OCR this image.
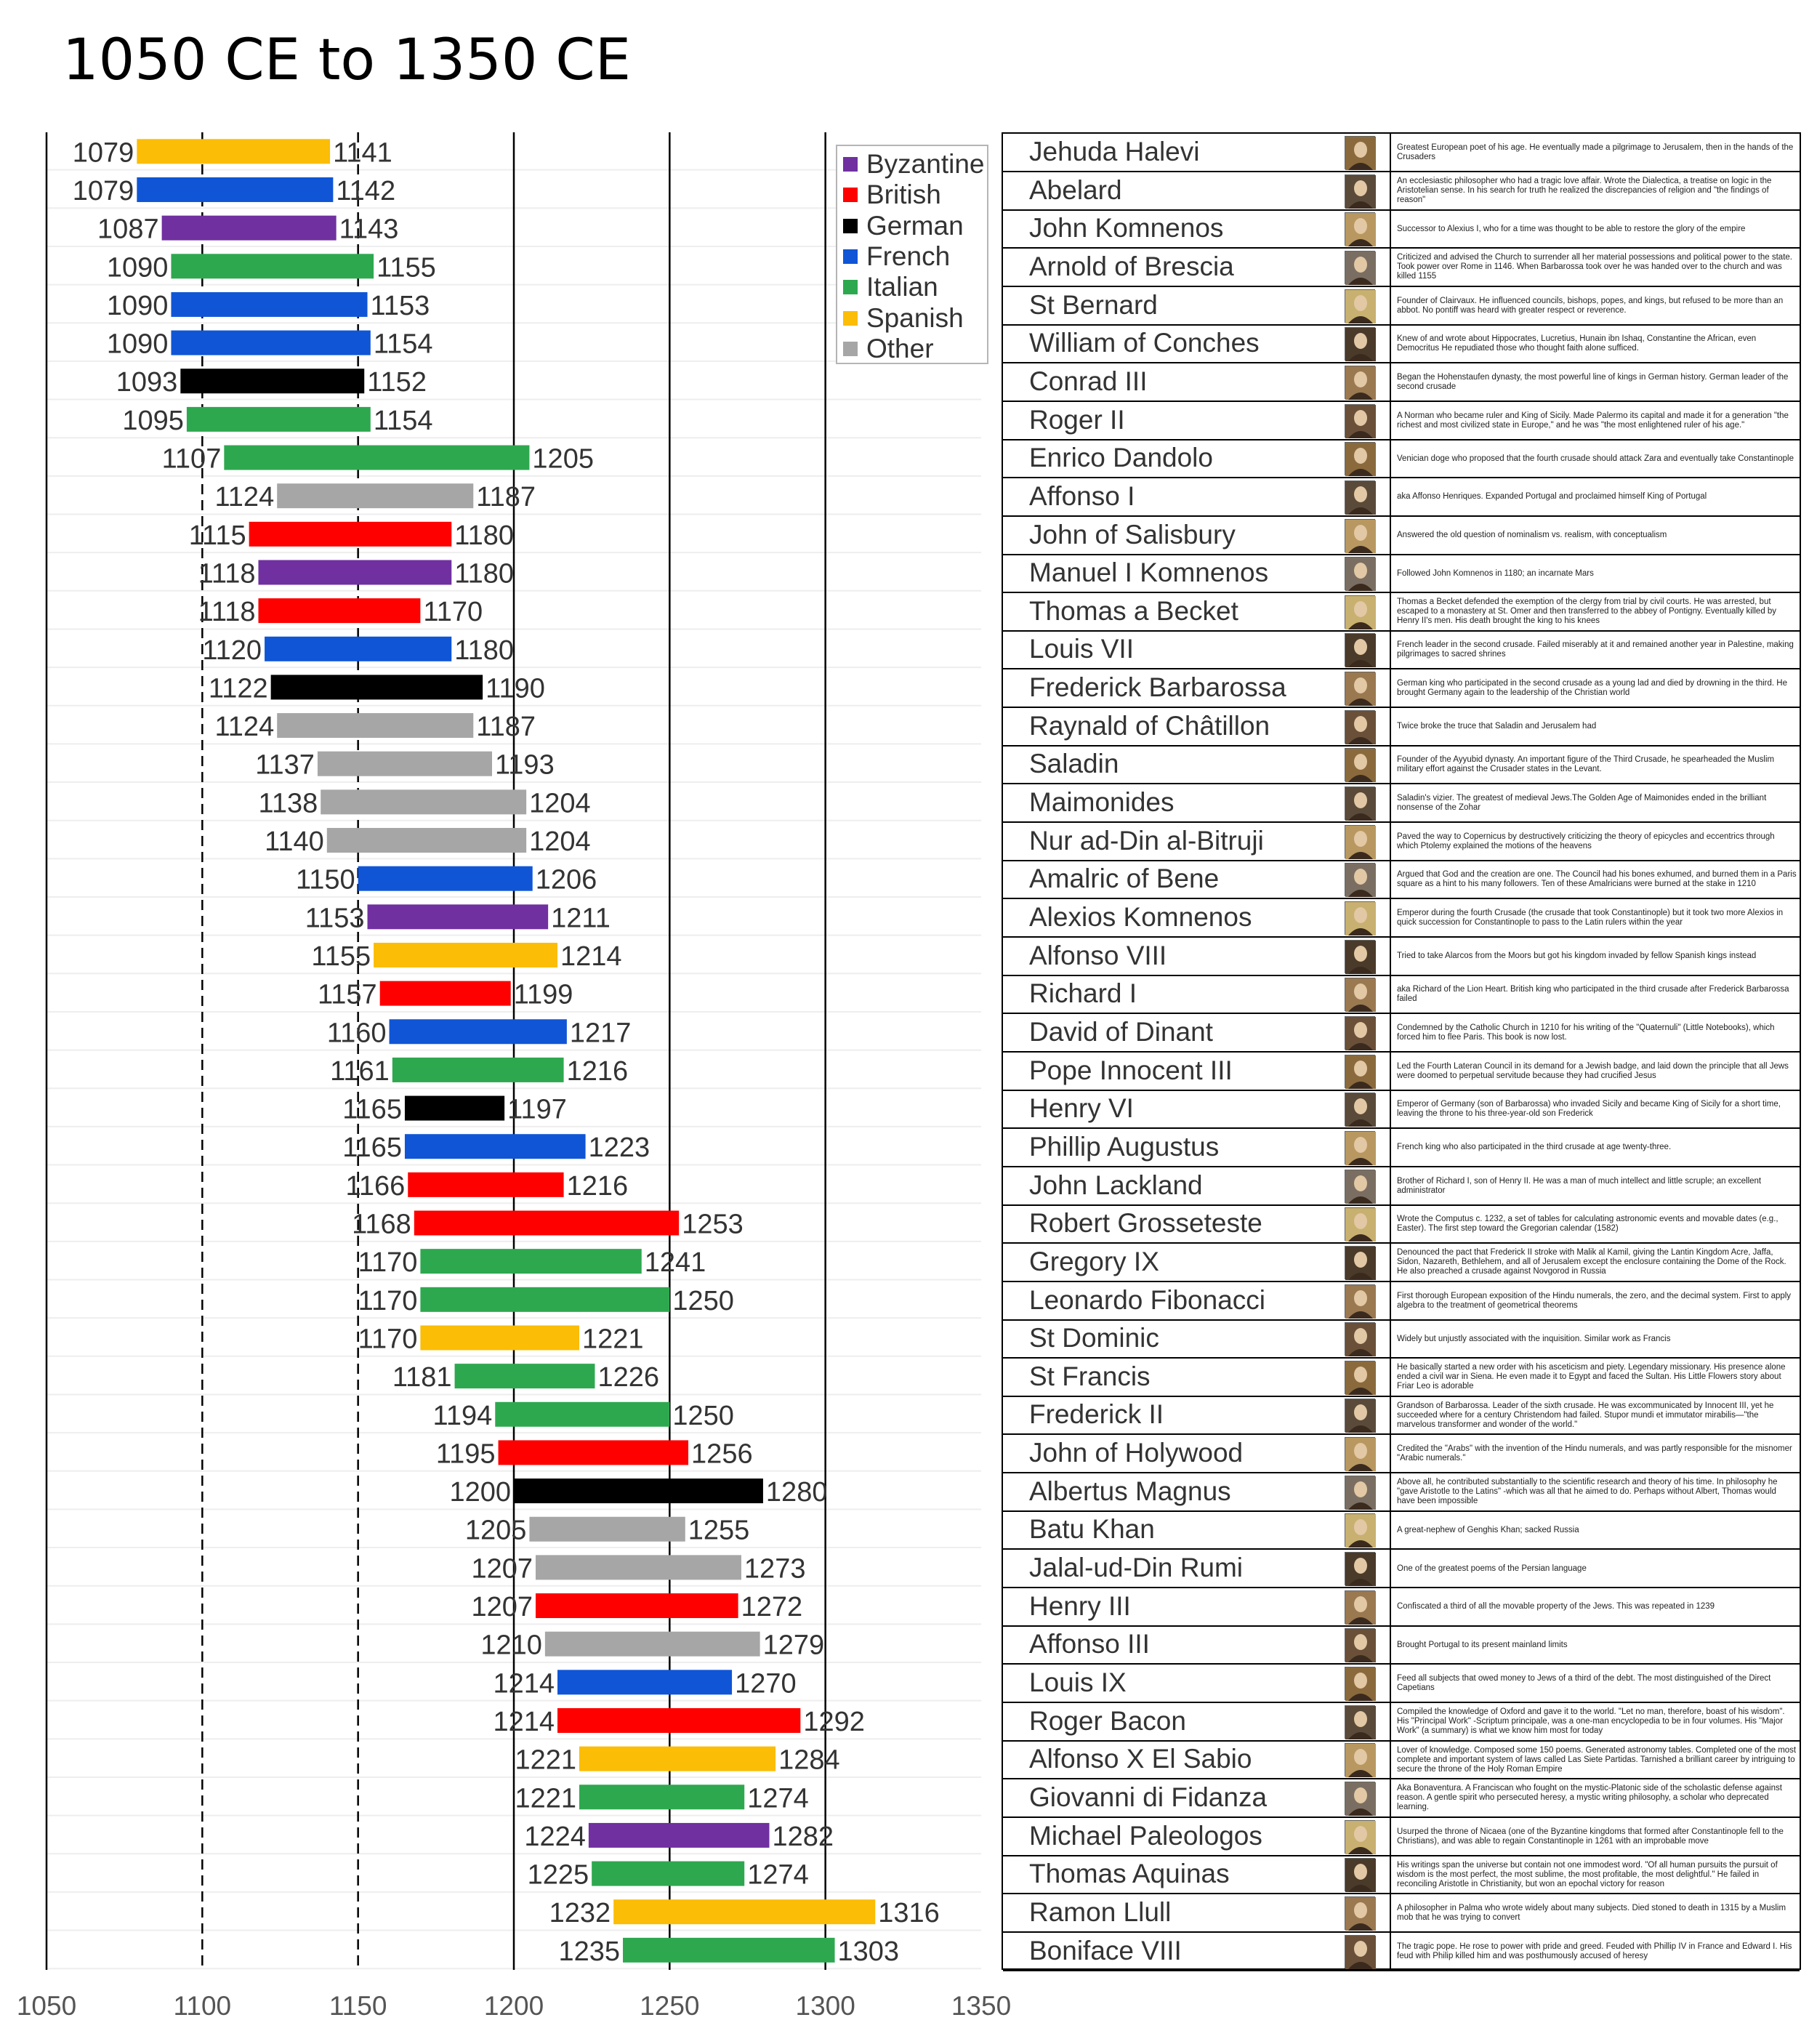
1050 CE to 1350 CE
1079	1141
1079	1142
1087	1143
1090	1155
1090	1153
1090	1154
1093	1152
1095	1154
1107	1205
1124	1187
1115	1180
1118	1180
1118	1170
1120	1180
1122	1190
1124	1187
1137	1193
1138	1204
1140	1204
1150	1206
1153	1211
1155	1214
1157	1199
1160	1217
1161	1216
1165	1197
1165	1223
1166	1216
1168	1253
1170	1241
1170	1250
1170	1221
1181	1226
1194	1250
1195	1256
1200	1280
1205	1255
1207	1273
1207	1272
1210	1279
1214	1270
1214	1292
1221	1284
1221	1274
1224	1282
1225	1274
1232	1316
1235	1303
1050	1100	1150	1200	1250	1300	1350
Byzantine
British
German
French
Italian
Spanish
Other
Jehuda Halevi	Greatest European poet of his age. He eventually made a pilgrimage to Jerusalem, then in the hands of the Crusaders
Abelard	An ecclesiastic philosopher who had a tragic love affair. Wrote the Dialectica, a treatise on logic in the Aristotelian sense. In his search for truth he realized the discrepancies of religion and "the findings of reason"
John Komnenos	Successor to Alexius I, who for a time was thought to be able to restore the glory of the empire
Arnold of Brescia	Criticized and advised the Church to surrender all her material possessions and political power to the state. Took power over Rome in 1146. When Barbarossa took over he was handed over to the church and was killed 1155
St Bernard	Founder of Clairvaux. He influenced councils, bishops, popes, and kings, but refused to be more than an abbot. No pontiff was heard with greater respect or reverence.
William of Conches	Knew of and wrote about Hippocrates, Lucretius, Hunain ibn Ishaq, Constantine the African, even Democritus He repudiated those who thought faith alone sufficed.
Conrad III	Began the Hohenstaufen dynasty, the most powerful line of kings in German history. German leader of the second crusade
Roger II	A Norman who became ruler and King of Sicily. Made Palermo its capital and made it for a generation "the richest and most civilized state in Europe," and he was "the most enlightened ruler of his age."
Enrico Dandolo	Venician doge who proposed that the fourth crusade should attack Zara and eventually take Constantinople
Affonso I	aka Affonso Henriques. Expanded Portugal and proclaimed himself King of Portugal
John of Salisbury	Answered the old question of nominalism vs. realism, with conceptualism
Manuel I Komnenos	Followed John Komnenos in 1180; an incarnate Mars
Thomas a Becket	Thomas a Becket defended the exemption of the clergy from trial by civil courts. He was arrested, but escaped to a monastery at St. Omer and then transferred to the abbey of Pontigny. Eventually killed by Henry II's men. His death brought the king to his knees
Louis VII	French leader in the second crusade. Failed miserably at it and remained another year in Palestine, making pilgrimages to sacred shrines
Frederick Barbarossa	German king who participated in the second crusade as a young lad and died by drowning in the third. He brought Germany again to the leadership of the Christian world
Raynald of Châtillon	Twice broke the truce that Saladin and Jerusalem had
Saladin	Founder of the Ayyubid dynasty. An important figure of the Third Crusade, he spearheaded the Muslim military effort against the Crusader states in the Levant.
Maimonides	Saladin's vizier. The greatest of medieval Jews.The Golden Age of Maimonides ended in the brilliant nonsense of the Zohar
Nur ad-Din al-Bitruji	Paved the way to Copernicus by destructively criticizing the theory of epicycles and eccentrics through which Ptolemy explained the motions of the heavens
Amalric of Bene	Argued that God and the creation are one. The Council had his bones exhumed, and burned them in a Paris square as a hint to his many followers. Ten of these Amalricians were burned at the stake in 1210
Alexios Komnenos	Emperor during the fourth Crusade (the crusade that took Constantinople) but it took two more Alexios in quick succession for Constantinople to pass to the Latin rulers within the year
Alfonso VIII	Tried to take Alarcos from the Moors but got his kingdom invaded by fellow Spanish kings instead
Richard I	aka Richard of the Lion Heart. British king who participated in the third crusade after Frederick Barbarossa failed
David of Dinant	Condemned by the Catholic Church in 1210 for his writing of the "Quaternuli" (Little Notebooks), which forced him to flee Paris. This book is now lost.
Pope Innocent III	Led the Fourth Lateran Council in its demand for a Jewish badge, and laid down the principle that all Jews were doomed to perpetual servitude because they had crucified Jesus
Henry VI	Emperor of Germany (son of Barbarossa) who invaded Sicily and became King of Sicily for a short time, leaving the throne to his three-year-old son Frederick
Phillip Augustus	French king who also participated in the third crusade at age twenty-three.
John Lackland	Brother of Richard I, son of Henry II. He was a man of much intellect and little scruple; an excellent administrator
Robert Grosseteste	Wrote the Computus c. 1232, a set of tables for calculating astronomic events and movable dates (e.g., Easter). The first step toward the Gregorian calendar (1582)
Gregory IX	Denounced the pact that Frederick II stroke with Malik al Kamil, giving the Lantin Kingdom Acre, Jaffa, Sidon, Nazareth, Bethlehem, and all of Jerusalem except the enclosure containing the Dome of the Rock. He also preached a crusade against Novgorod in Russia
Leonardo Fibonacci	First thorough European exposition of the Hindu numerals, the zero, and the decimal system. First to apply algebra to the treatment of geometrical theorems
St Dominic	Widely but unjustly associated with the inquisition. Similar work as Francis
St Francis	He basically started a new order with his asceticism and piety. Legendary missionary. His presence alone ended a civil war in Siena. He even made it to Egypt and faced the Sultan. His Little Flowers story about Friar Leo is adorable
Frederick II	Grandson of Barbarossa. Leader of the sixth crusade. He was excommunicated by Innocent III, yet he succeeded where for a century Christendom had failed. Stupor mundi et immutator mirabilis—"the marvelous transformer and wonder of the world."
John of Holywood	Credited the "Arabs" with the invention of the Hindu numerals, and was partly responsible for the misnomer "Arabic numerals."
Albertus Magnus	Above all, he contributed substantially to the scientific research and theory of his time. In philosophy he "gave Aristotle to the Latins" -which was all that he aimed to do. Perhaps without Albert, Thomas would have been impossible
Batu Khan	A great-nephew of Genghis Khan; sacked Russia
Jalal-ud-Din Rumi	One of the greatest poems of the Persian language
Henry III	Confiscated a third of all the movable property of the Jews. This was repeated in 1239
Affonso III	Brought Portugal to its present mainland limits
Louis IX	Feed all subjects that owed money to Jews of a third of the debt. The most distinguished of the Direct Capetians
Roger Bacon	Compiled the knowledge of Oxford and gave it to the world. "Let no man, therefore, boast of his wisdom". His "Principal Work" -Scriptum principale, was a one-man encyclopedia to be in four volumes. His "Major Work" (a summary) is what we know him most for today
Alfonso X El Sabio	Lover of knowledge. Composed some 150 poems. Generated astronomy tables. Completed one of the most complete and important system of laws called Las Siete Partidas. Tarnished a brilliant career by intriguing to secure the throne of the Holy Roman Empire
Giovanni di Fidanza	Aka Bonaventura. A Franciscan who fought on the mystic-Platonic side of the scholastic defense against reason. A gentle spirit who persecuted heresy, a mystic writing philosophy, a scholar who deprecated learning.
Michael Paleologos	Usurped the throne of Nicaea (one of the Byzantine kingdoms that formed after Constantinople fell to the Christians), and was able to regain Constantinople in 1261 with an improbable move
Thomas Aquinas	His writings span the universe but contain not one immodest word. "Of all human pursuits the pursuit of wisdom is the most perfect, the most sublime, the most profitable, the most delightful." He failed in reconciling Aristotle in Christianity, but won an epochal victory for reason
Ramon Llull	A philosopher in Palma who wrote widely about many subjects. Died stoned to death in 1315 by a Muslim mob that he was trying to convert
Boniface VIII	The tragic pope. He rose to power with pride and greed. Feuded with Phillip IV in France and Edward I. His feud with Philip killed him and was posthumously accused of heresy
